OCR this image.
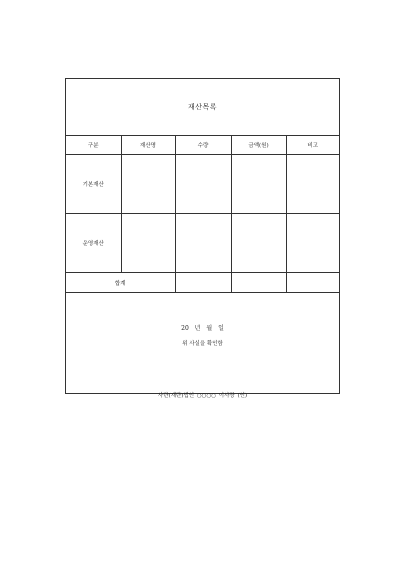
재산목록
구분	재산명	수량	금액(원)	비고
기본재산				
운영재산				
합계				
20 년 월 일
위 사실을 확인함
사단(재단)법인 ○○○○ 이사장 (인)
